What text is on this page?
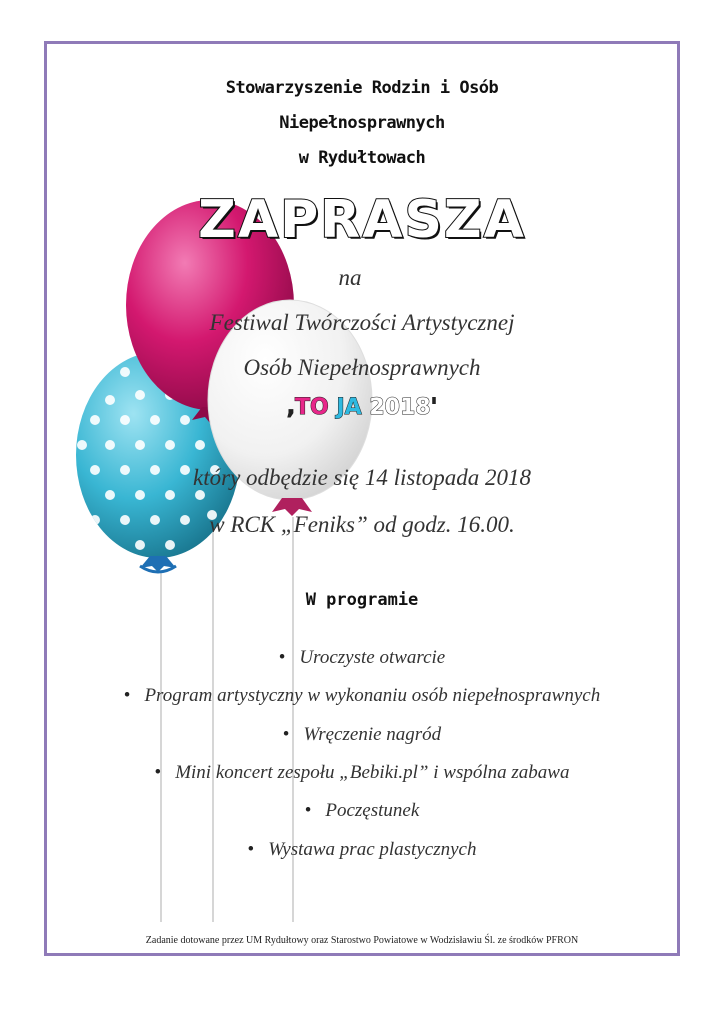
Stowarzyszenie Rodzin i Osób
Niepełnosprawnych
w Rydułtowach
ZAPRASZA
na
Festiwal Twórczości Artystycznej
Osób Niepełnosprawnych
,TO JA 2018'
który odbędzie się 14 listopada 2018
w RCK „Feniks” od godz. 16.00.
W programie
• Uroczyste otwarcie
• Program artystyczny w wykonaniu osób niepełnosprawnych
• Wręczenie nagród
• Mini koncert zespołu „Bebiki.pl” i wspólna zabawa
• Poczęstunek
• Wystawa prac plastycznych
Zadanie dotowane przez UM Rydułtowy oraz Starostwo Powiatowe w Wodzisławiu Śl. ze środków PFRON
